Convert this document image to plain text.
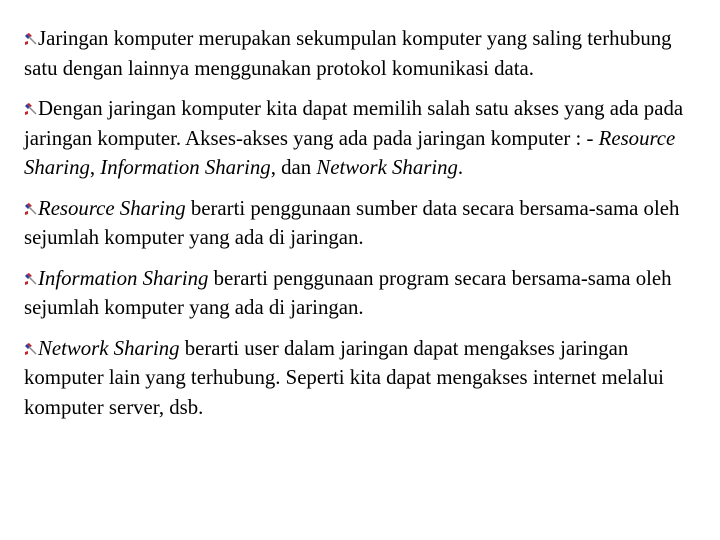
Jaringan komputer merupakan sekumpulan komputer yang saling terhubung satu dengan lainnya menggunakan protokol komunikasi data.

Dengan jaringan komputer kita dapat memilih salah satu akses yang ada pada jaringan komputer. Akses-akses yang ada pada jaringan komputer : - Resource Sharing, Information Sharing, dan Network Sharing.

Resource Sharing berarti penggunaan sumber data secara bersama-sama oleh sejumlah komputer yang ada di jaringan.

Information Sharing berarti penggunaan program secara bersama-sama oleh sejumlah komputer yang ada di jaringan.

Network Sharing berarti user dalam jaringan dapat mengakses jaringan komputer lain yang terhubung. Seperti kita dapat mengakses internet melalui komputer server, dsb.
